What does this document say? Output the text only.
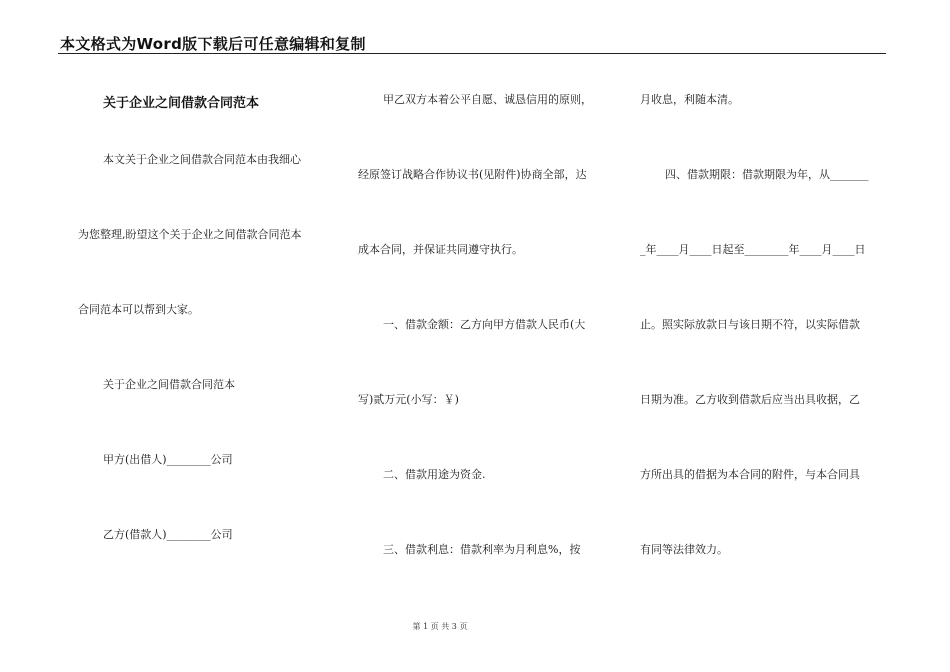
本文格式为Word版下载后可任意编辑和复制
关于企业之间借款合同范本
本文关于企业之间借款合同范本由我细心
为您整理,盼望这个关于企业之间借款合同范本
合同范本可以帮到大家。
关于企业之间借款合同范本
甲方(出借人)________公司
乙方(借款人)________公司
甲乙双方本着公平自愿、诚恳信用的原则，
经原签订战略合作协议书(见附件)协商全部，达
成本合同，并保证共同遵守执行。
一、借款金额：乙方向甲方借款人民币(大
写)贰万元(小写：￥)
二、借款用途为资金.
三、借款利息：借款利率为月利息%，按
月收息，利随本清。
四、借款期限：借款期限为年，从_______
_年____月____日起至________年____月____日
止。照实际放款日与该日期不符，以实际借款
日期为准。乙方收到借款后应当出具收据，乙
方所出具的借据为本合同的附件，与本合同具
有同等法律效力。
第 1 页 共 3 页
